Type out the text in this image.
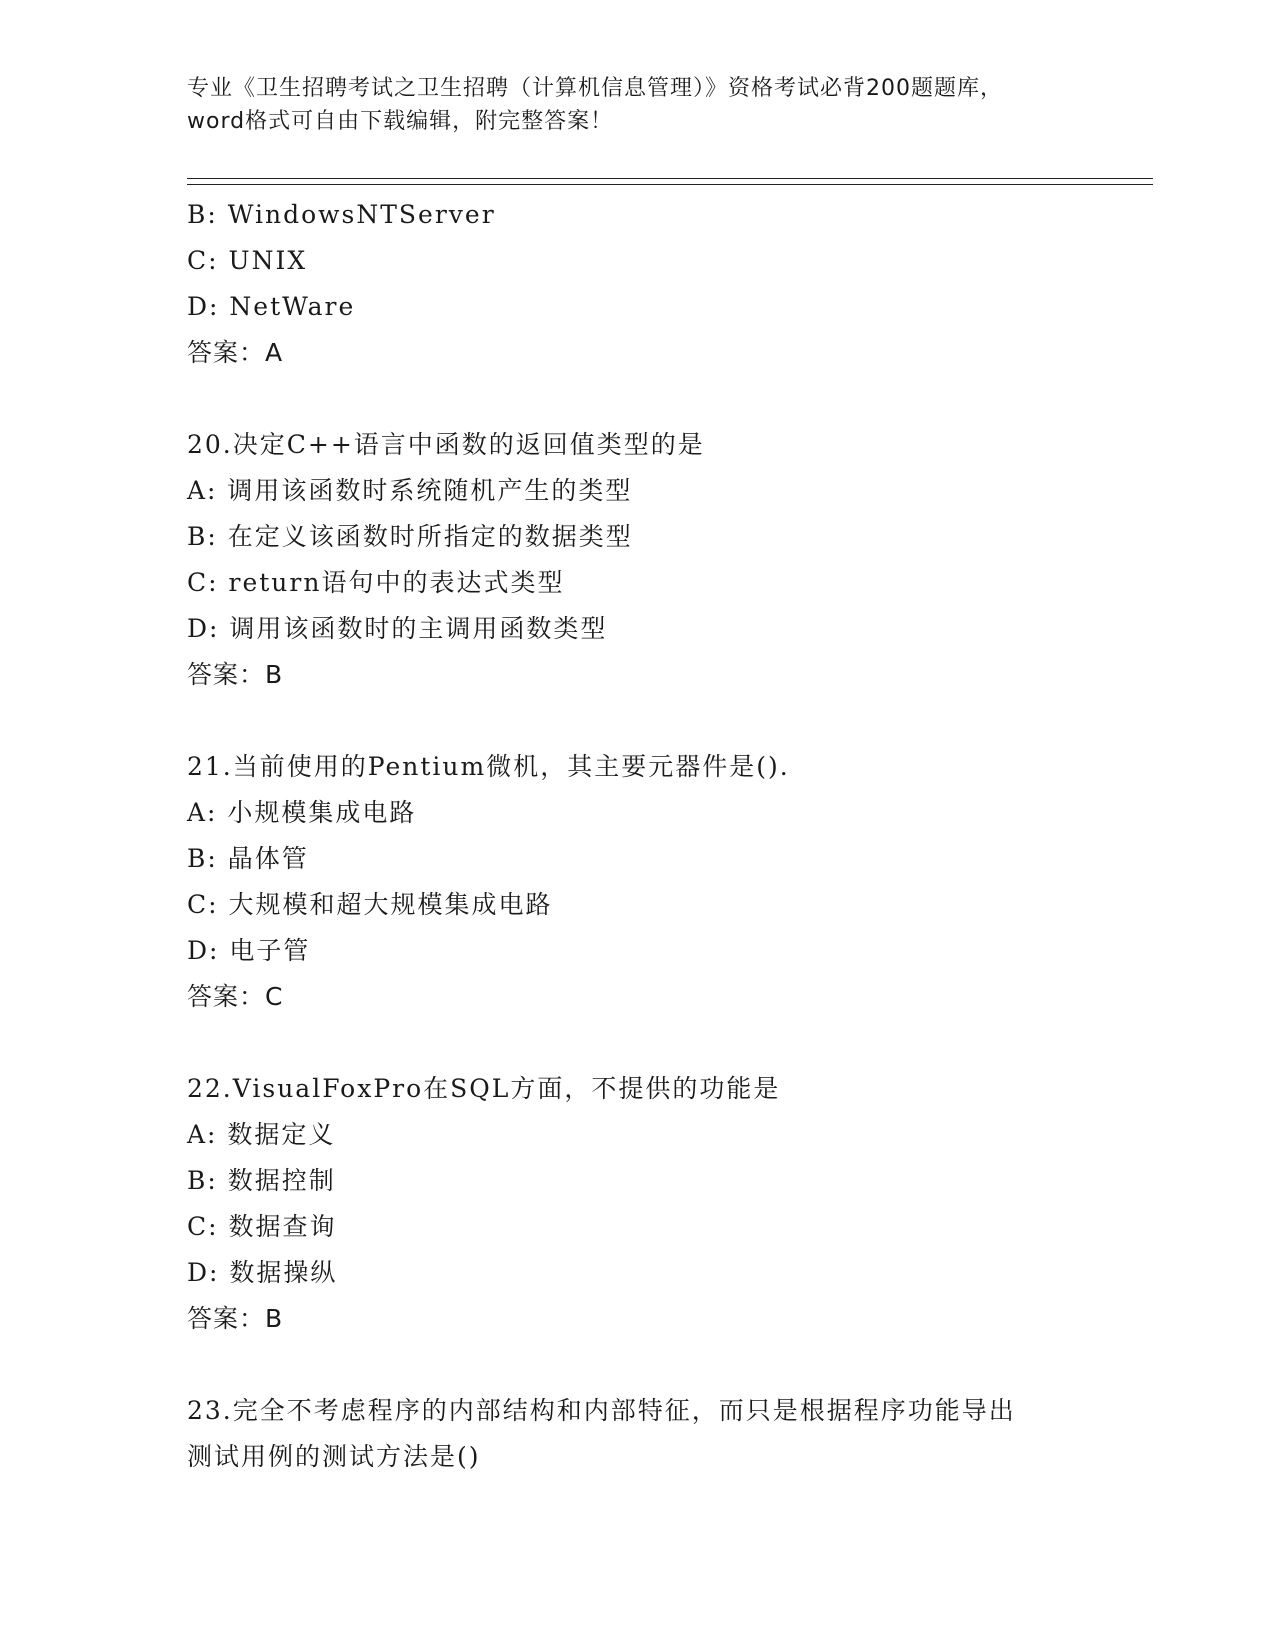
专业《卫生招聘考试之卫生招聘（计算机信息管理）》资格考试必背200题题库，
word格式可自由下载编辑，附完整答案！
B: WindowsNTServer
C: UNIX
D: NetWare
答案：A
20.决定C++语言中函数的返回值类型的是
A: 调用该函数时系统随机产生的类型
B: 在定义该函数时所指定的数据类型
C: return语句中的表达式类型
D: 调用该函数时的主调用函数类型
答案：B
21.当前使用的Pentium微机，其主要元器件是().
A: 小规模集成电路
B: 晶体管
C: 大规模和超大规模集成电路
D: 电子管
答案：C
22.VisualFoxPro在SQL方面，不提供的功能是
A: 数据定义
B: 数据控制
C: 数据查询
D: 数据操纵
答案：B
23.完全不考虑程序的内部结构和内部特征，而只是根据程序功能导出
测试用例的测试方法是()
